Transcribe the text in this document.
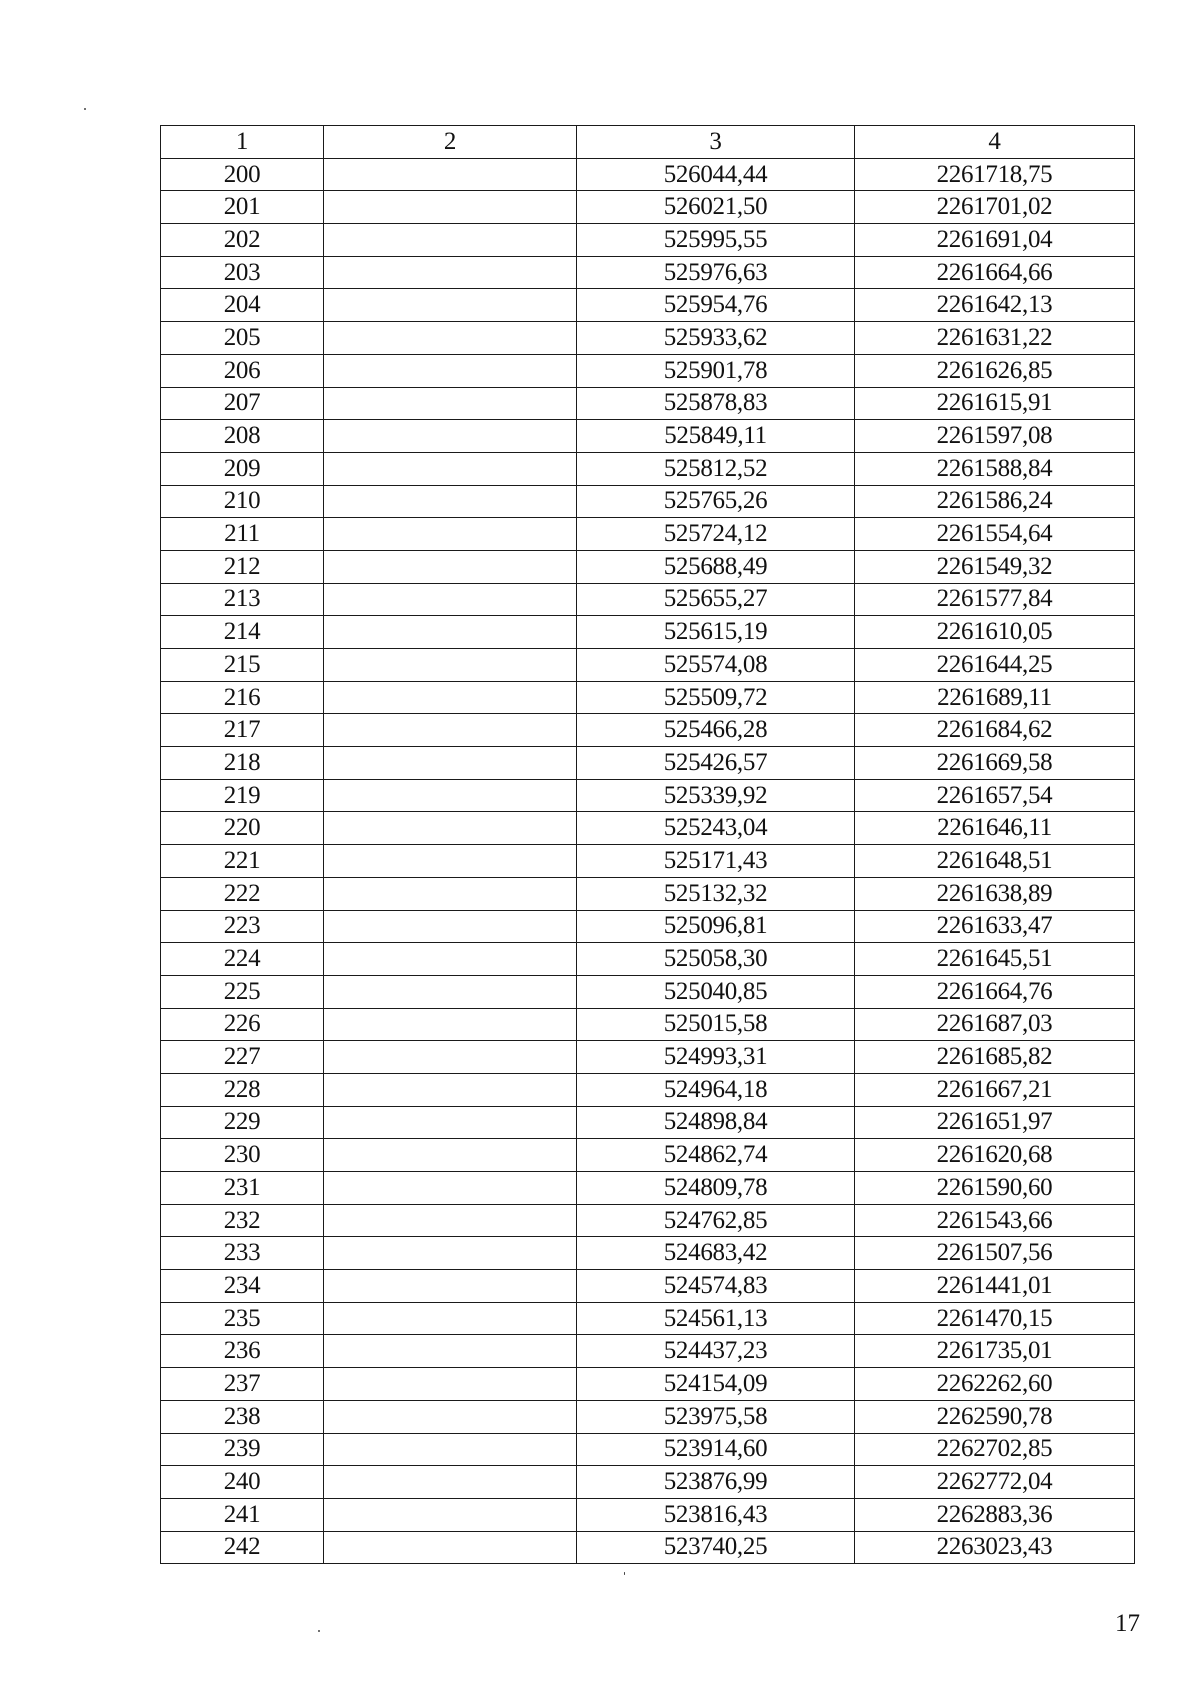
1	2	3	4
200		526044,44	2261718,75
201		526021,50	2261701,02
202		525995,55	2261691,04
203		525976,63	2261664,66
204		525954,76	2261642,13
205		525933,62	2261631,22
206		525901,78	2261626,85
207		525878,83	2261615,91
208		525849,11	2261597,08
209		525812,52	2261588,84
210		525765,26	2261586,24
211		525724,12	2261554,64
212		525688,49	2261549,32
213		525655,27	2261577,84
214		525615,19	2261610,05
215		525574,08	2261644,25
216		525509,72	2261689,11
217		525466,28	2261684,62
218		525426,57	2261669,58
219		525339,92	2261657,54
220		525243,04	2261646,11
221		525171,43	2261648,51
222		525132,32	2261638,89
223		525096,81	2261633,47
224		525058,30	2261645,51
225		525040,85	2261664,76
226		525015,58	2261687,03
227		524993,31	2261685,82
228		524964,18	2261667,21
229		524898,84	2261651,97
230		524862,74	2261620,68
231		524809,78	2261590,60
232		524762,85	2261543,66
233		524683,42	2261507,56
234		524574,83	2261441,01
235		524561,13	2261470,15
236		524437,23	2261735,01
237		524154,09	2262262,60
238		523975,58	2262590,78
239		523914,60	2262702,85
240		523876,99	2262772,04
241		523816,43	2262883,36
242		523740,25	2263023,43
17
